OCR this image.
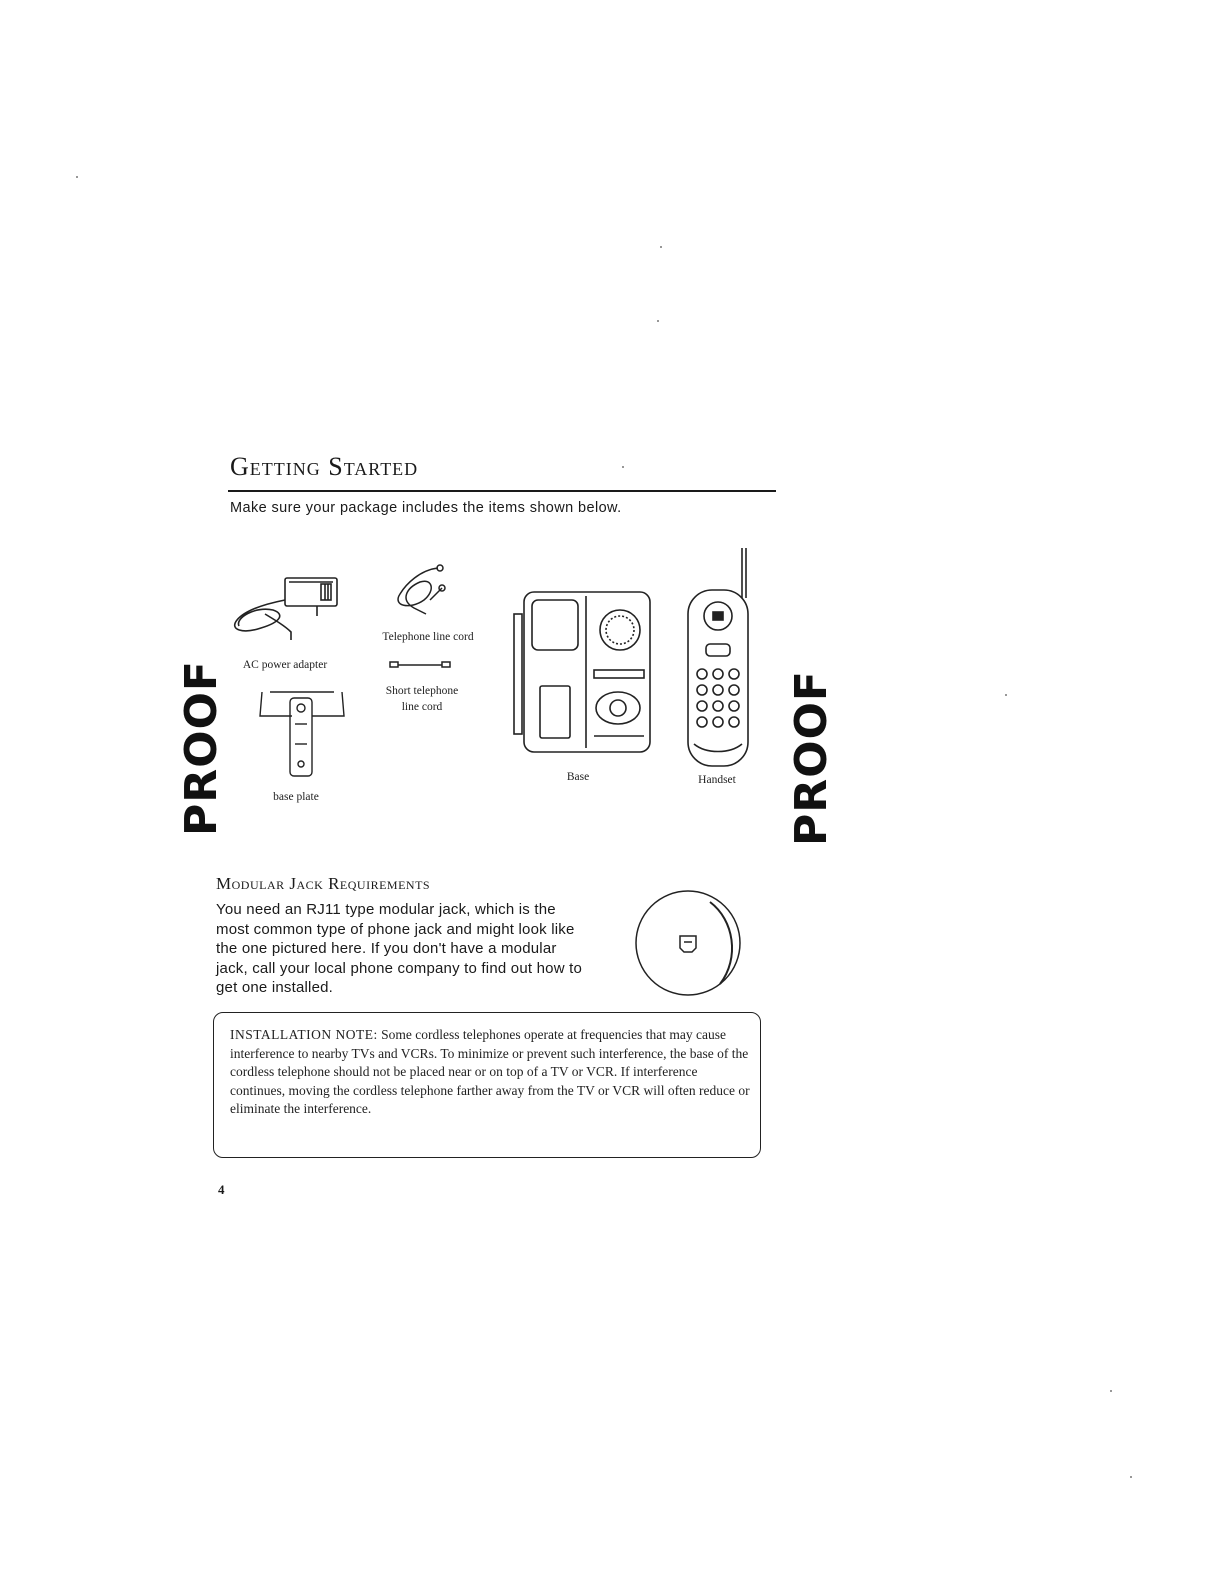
Getting Started
Make sure your package includes the items shown below.
AC power adapter
Telephone line cord
Short telephone
line cord
base plate
Base	Handset
PROOF	PROOF
Modular Jack Requirements
You need an RJ11 type modular jack, which is the
most common type of phone jack and might look like
the one pictured here. If you don't have a modular
jack, call your local phone company to find out how to
get one installed.
INSTALLATION NOTE: Some cordless telephones operate at frequencies that may cause interference to nearby TVs and VCRs. To minimize or prevent such interference, the base of the cordless telephone should not be placed near or on top of a TV or VCR. If interference continues, moving the cordless telephone farther away from the TV or VCR will often reduce or eliminate the interference.
4
